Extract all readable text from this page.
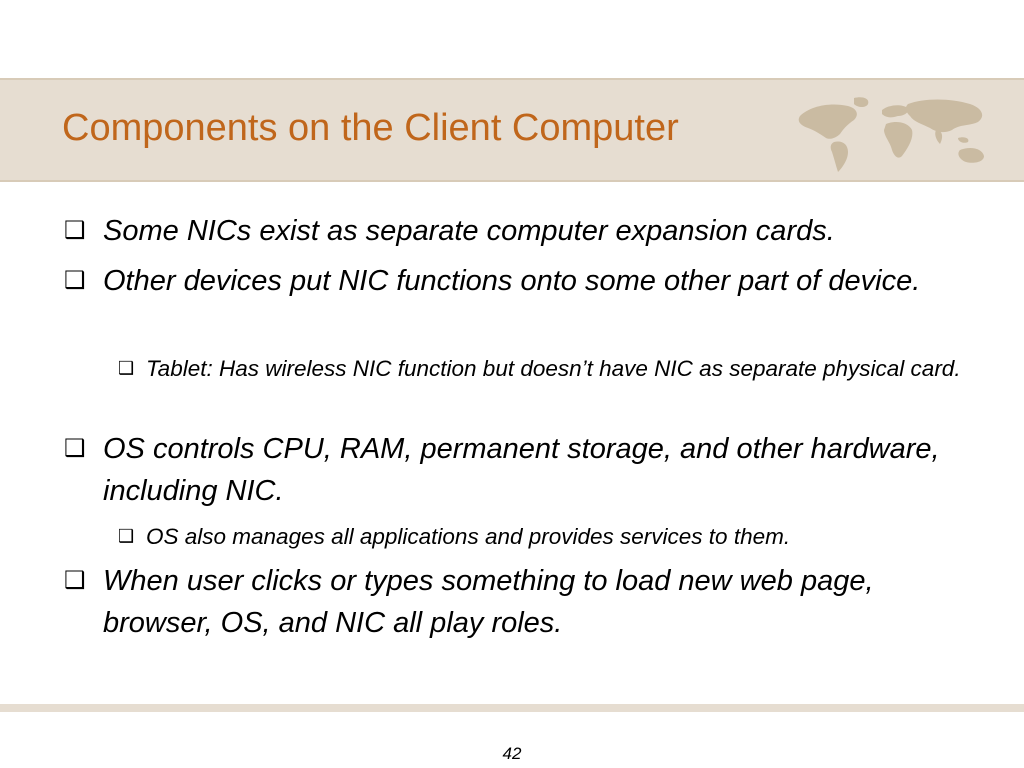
Components on the Client Computer
❑ Some NICs exist as separate computer expansion cards.
❑ Other devices put NIC functions onto some other part of device.
❑ Tablet: Has wireless NIC function but doesn’t have NIC as separate physical card.
❑ OS controls CPU, RAM, permanent storage, and other hardware, including NIC.
❑ OS also manages all applications and provides services to them.
❑ When user clicks or types something to load new web page, browser, OS, and NIC all play roles.
42
